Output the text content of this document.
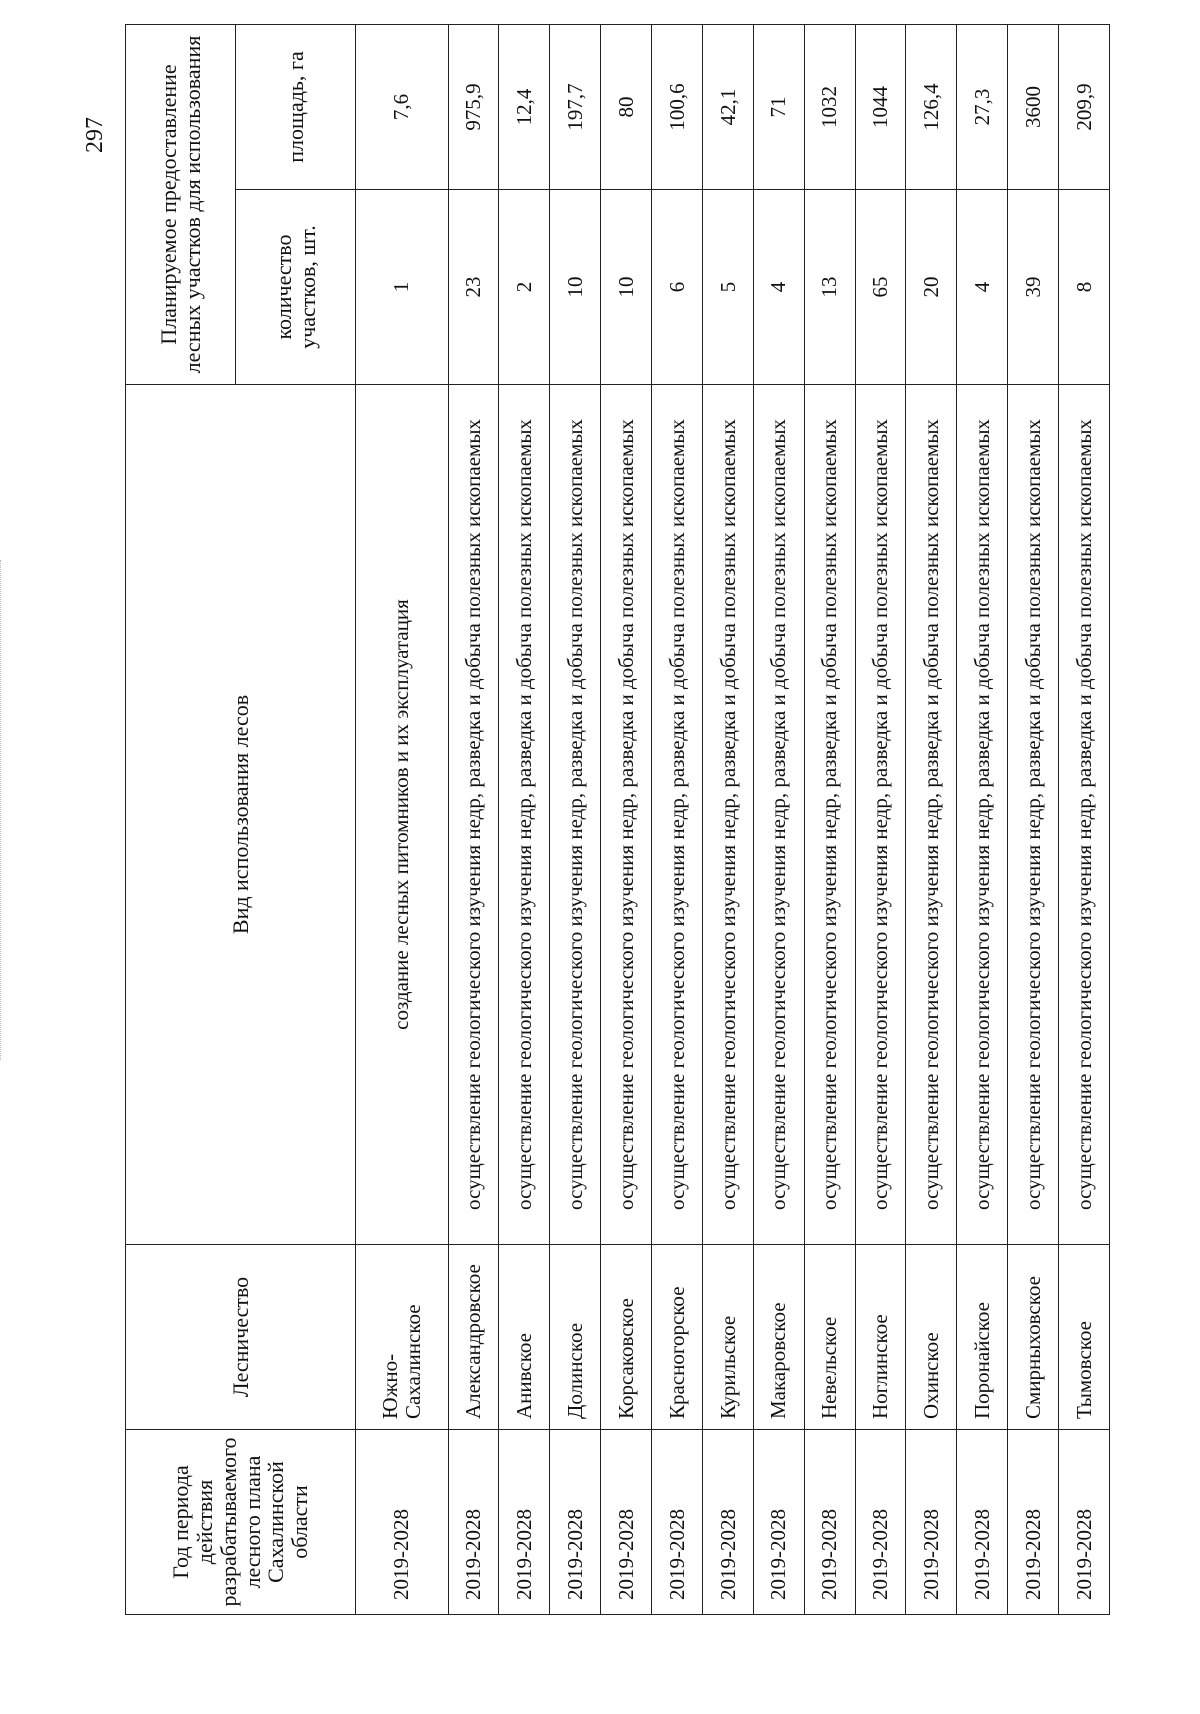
297
Год периода действия разрабатываемого лесного плана Сахалинской области	Лесничество	Вид использования лесов	Планируемое предоставление лесных участков для использования	
			количество участков, шт.	площадь, га
2019-2028	Южно-Сахалинское	создание лесных питомников и их эксплуатация	1	7,6
2019-2028	Александровское	осуществление геологического изучения недр, разведка и добыча полезных ископаемых	23	975,9
2019-2028	Анивское	осуществление геологического изучения недр, разведка и добыча полезных ископаемых	2	12,4
2019-2028	Долинское	осуществление геологического изучения недр, разведка и добыча полезных ископаемых	10	197,7
2019-2028	Корсаковское	осуществление геологического изучения недр, разведка и добыча полезных ископаемых	10	80
2019-2028	Красногорское	осуществление геологического изучения недр, разведка и добыча полезных ископаемых	6	100,6
2019-2028	Курильское	осуществление геологического изучения недр, разведка и добыча полезных ископаемых	5	42,1
2019-2028	Макаровское	осуществление геологического изучения недр, разведка и добыча полезных ископаемых	4	71
2019-2028	Невельское	осуществление геологического изучения недр, разведка и добыча полезных ископаемых	13	1032
2019-2028	Ноглинское	осуществление геологического изучения недр, разведка и добыча полезных ископаемых	65	1044
2019-2028	Охинское	осуществление геологического изучения недр, разведка и добыча полезных ископаемых	20	126,4
2019-2028	Поронайское	осуществление геологического изучения недр, разведка и добыча полезных ископаемых	4	27,3
2019-2028	Смирныховское	осуществление геологического изучения недр, разведка и добыча полезных ископаемых	39	3600
2019-2028	Тымовское	осуществление геологического изучения недр, разведка и добыча полезных ископаемых	8	209,9
